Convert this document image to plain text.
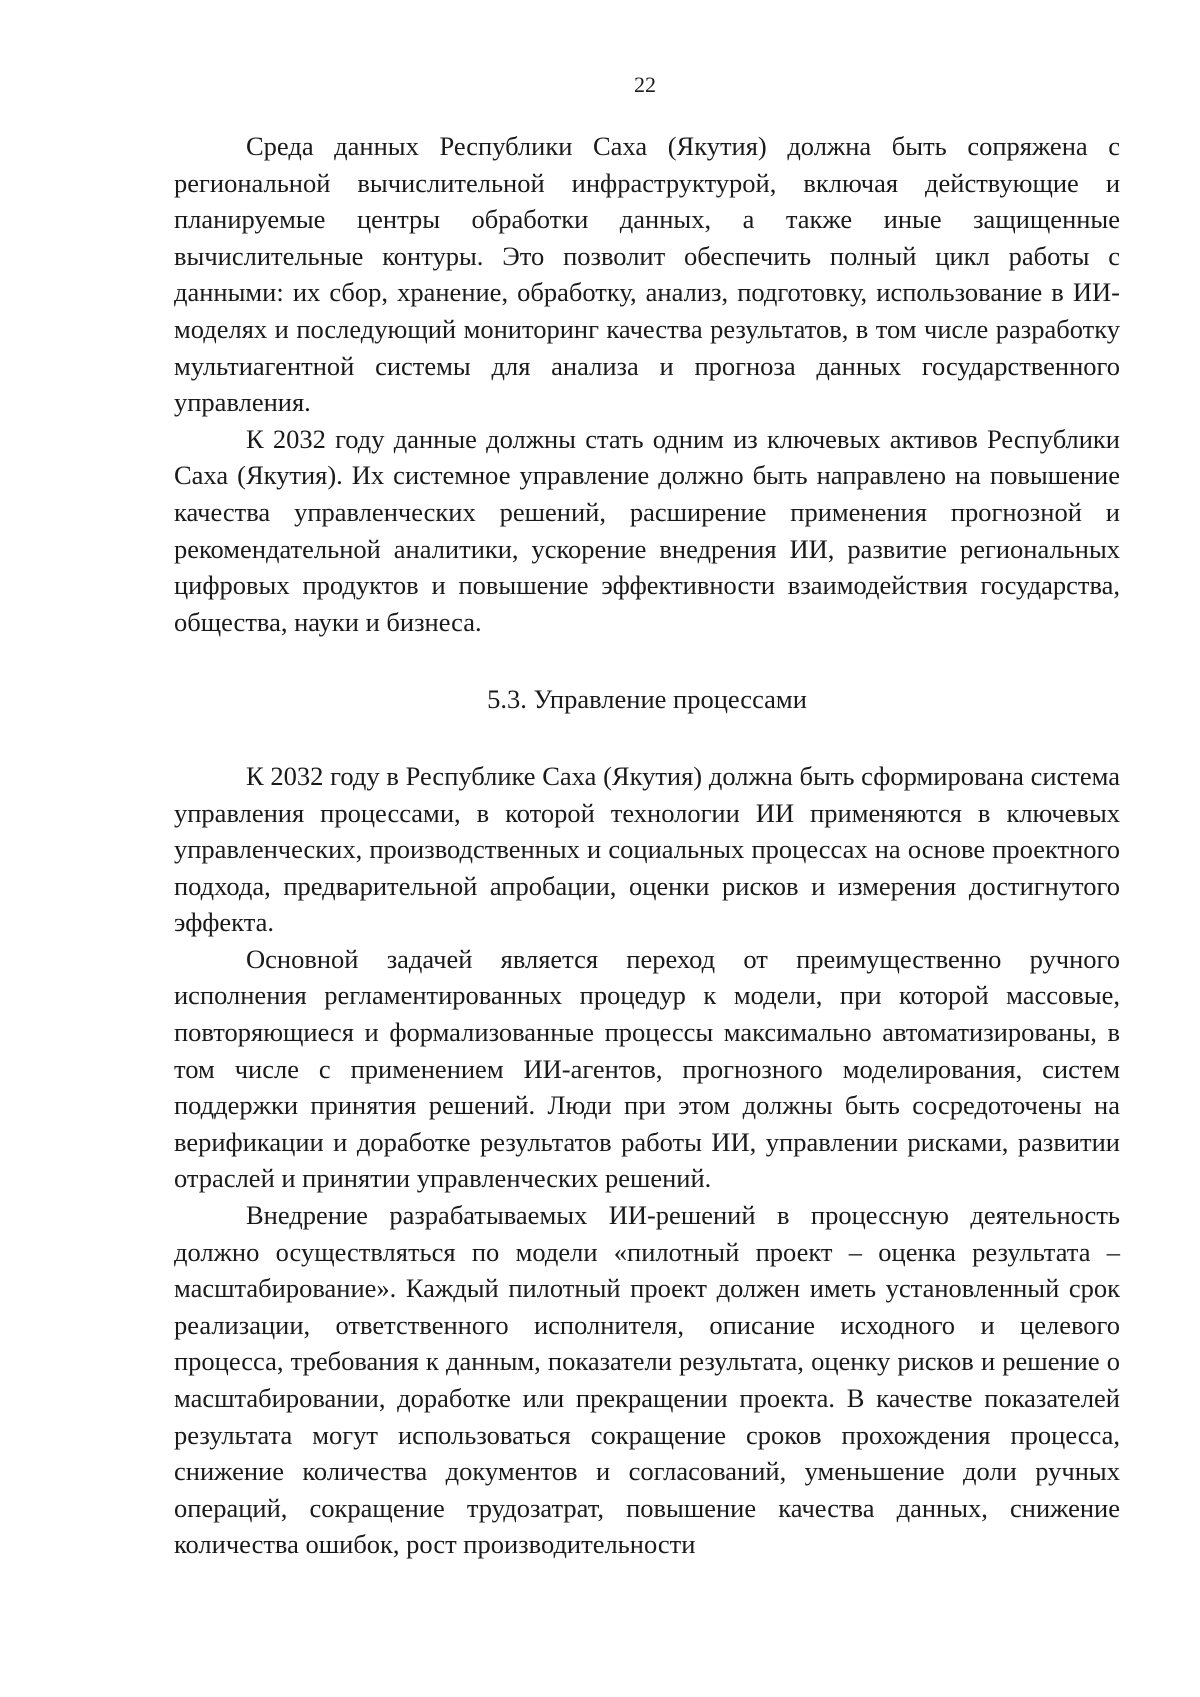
22

Среда данных Республики Саха (Якутия) должна быть сопряжена с региональной вычислительной инфраструктурой, включая действующие и планируемые центры обработки данных, а также иные защищенные вычислительные контуры. Это позволит обеспечить полный цикл работы с данными: их сбор, хранение, обработку, анализ, подготовку, использование в ИИ-моделях и последующий мониторинг качества результатов, в том числе разработку мультиагентной системы для анализа и прогноза данных государственного управления.

К 2032 году данные должны стать одним из ключевых активов Республики Саха (Якутия). Их системное управление должно быть направлено на повышение качества управленческих решений, расширение применения прогнозной и рекомендательной аналитики, ускорение внедрения ИИ, развитие региональных цифровых продуктов и повышение эффективности взаимодействия государства, общества, науки и бизнеса.

5.3. Управление процессами

К 2032 году в Республике Саха (Якутия) должна быть сформирована система управления процессами, в которой технологии ИИ применяются в ключевых управленческих, производственных и социальных процессах на основе проектного подхода, предварительной апробации, оценки рисков и измерения достигнутого эффекта.

Основной задачей является переход от преимущественно ручного исполнения регламентированных процедур к модели, при которой массовые, повторяющиеся и формализованные процессы максимально автоматизированы, в том числе с применением ИИ-агентов, прогнозного моделирования, систем поддержки принятия решений. Люди при этом должны быть сосредоточены на верификации и доработке результатов работы ИИ, управлении рисками, развитии отраслей и принятии управленческих решений.

Внедрение разрабатываемых ИИ-решений в процессную деятельность должно осуществляться по модели «пилотный проект – оценка результата – масштабирование». Каждый пилотный проект должен иметь установленный срок реализации, ответственного исполнителя, описание исходного и целевого процесса, требования к данным, показатели результата, оценку рисков и решение о масштабировании, доработке или прекращении проекта. В качестве показателей результата могут использоваться сокращение сроков прохождения процесса, снижение количества документов и согласований, уменьшение доли ручных операций, сокращение трудозатрат, повышение качества данных, снижение количества ошибок, рост производительности
